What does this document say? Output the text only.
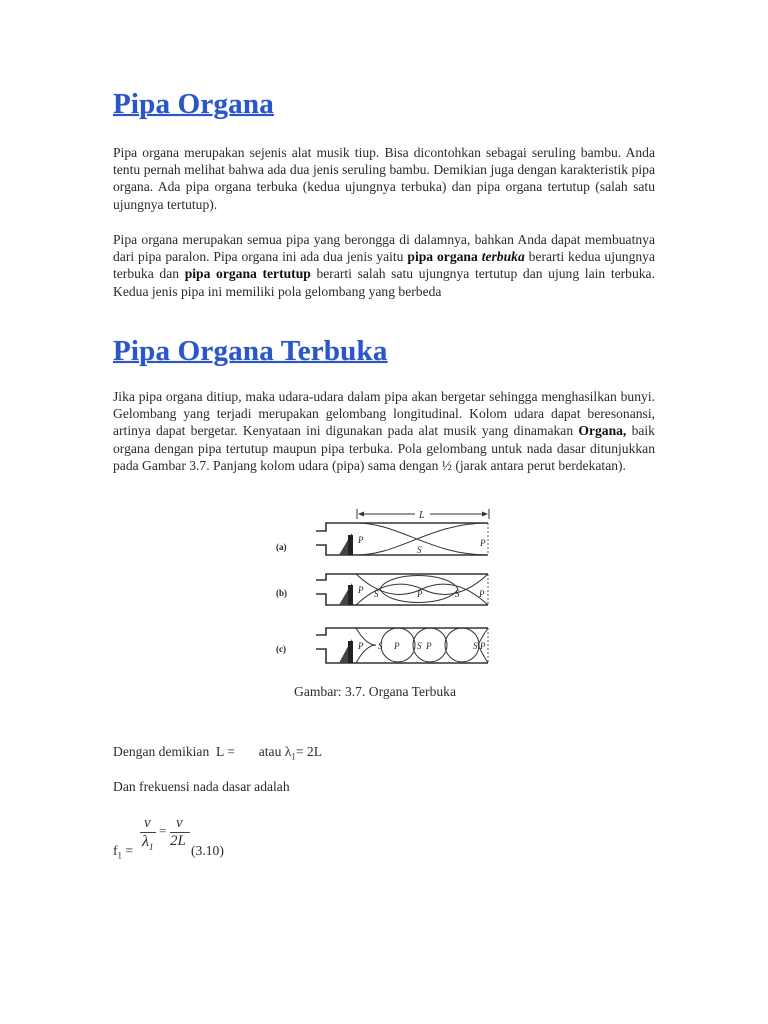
Pipa Organa

Pipa organa merupakan sejenis alat musik tiup. Bisa dicontohkan sebagai seruling bambu. Anda tentu pernah melihat bahwa ada dua jenis seruling bambu. Demikian juga dengan karakteristik pipa organa. Ada pipa organa terbuka (kedua ujungnya terbuka) dan pipa organa tertutup (salah satu ujungnya tertutup).

Pipa organa merupakan semua pipa yang berongga di dalamnya, bahkan Anda dapat membuatnya dari pipa paralon. Pipa organa ini ada dua jenis yaitu pipa organa terbuka berarti kedua ujungnya terbuka dan pipa organa tertutup berarti salah satu ujungnya tertutup dan ujung lain terbuka. Kedua jenis pipa ini memiliki pola gelombang yang berbeda

Pipa Organa Terbuka

Jika pipa organa ditiup, maka udara-udara dalam pipa akan bergetar sehingga menghasilkan bunyi. Gelombang yang terjadi merupakan gelombang longitudinal. Kolom udara dapat beresonansi, artinya dapat bergetar. Kenyataan ini digunakan pada alat musik yang dinamakan Organa, baik organa dengan pipa tertutup maupun pipa terbuka. Pola gelombang untuk nada dasar ditunjukkan pada Gambar 3.7. Panjang kolom udara (pipa) sama dengan ½ (jarak antara perut berdekatan).

L
(a)
P
S
P
(b)	P S	P	S P
(c)	P S P S P	S P

Gambar: 3.7. Organa Terbuka

Dengan demikian  L = atau $\lambda_1= 2L$

Dan frekuensi nada dasar adalah

$f_1$ =
v
$\lambda_1$
= v
2L
(3.10)
